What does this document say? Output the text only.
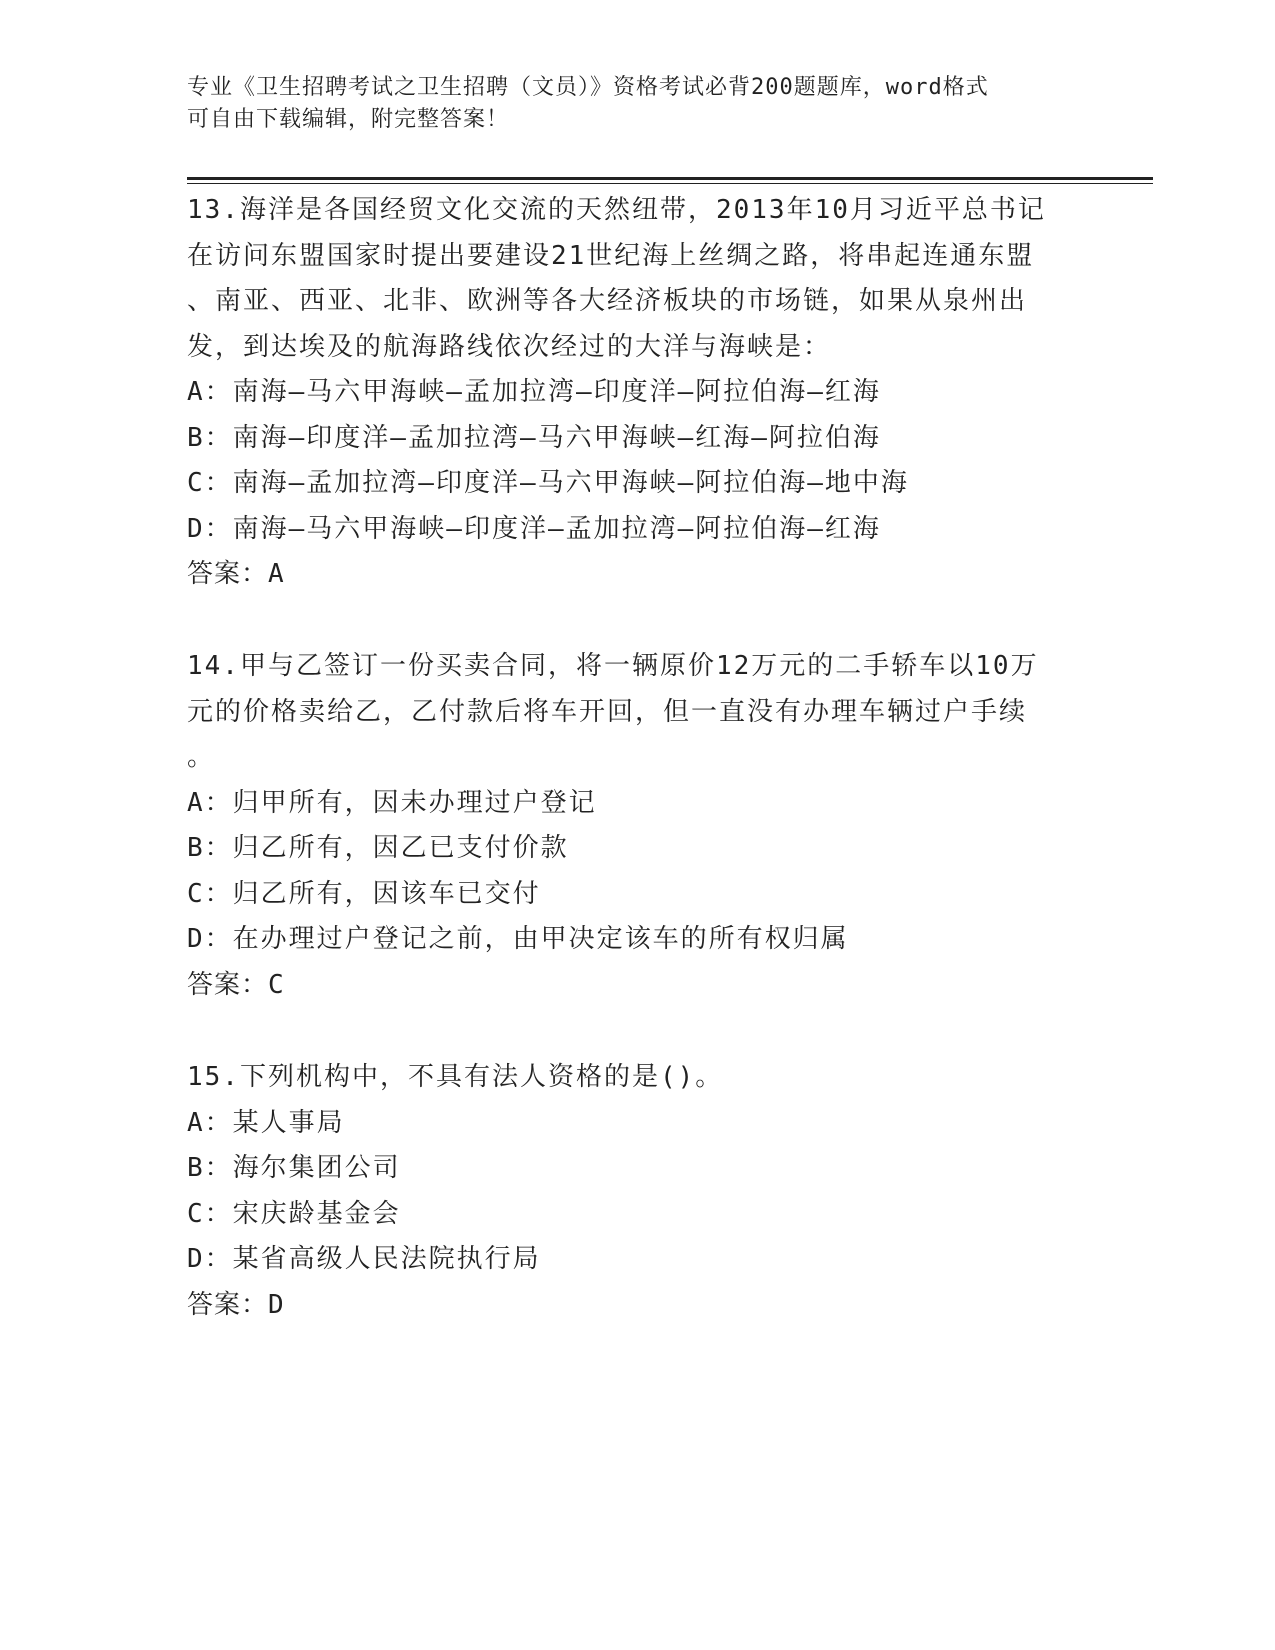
专业《卫生招聘考试之卫生招聘（文员）》资格考试必背200题题库，word格式
可自由下载编辑，附完整答案！
13.海洋是各国经贸文化交流的天然纽带，2013年10月习近平总书记
在访问东盟国家时提出要建设21世纪海上丝绸之路，将串起连通东盟
、南亚、西亚、北非、欧洲等各大经济板块的市场链，如果从泉州出
发，到达埃及的航海路线依次经过的大洋与海峡是：
A：南海—马六甲海峡—孟加拉湾—印度洋—阿拉伯海—红海
B：南海—印度洋—孟加拉湾—马六甲海峡—红海—阿拉伯海
C：南海—孟加拉湾—印度洋—马六甲海峡—阿拉伯海—地中海
D：南海—马六甲海峡—印度洋—孟加拉湾—阿拉伯海—红海
答案：A
14.甲与乙签订一份买卖合同，将一辆原价12万元的二手轿车以10万
元的价格卖给乙，乙付款后将车开回，但一直没有办理车辆过户手续
。
A：归甲所有，因未办理过户登记
B：归乙所有，因乙已支付价款
C：归乙所有，因该车已交付
D：在办理过户登记之前，由甲决定该车的所有权归属
答案：C
15.下列机构中，不具有法人资格的是()。
A：某人事局
B：海尔集团公司
C：宋庆龄基金会
D：某省高级人民法院执行局
答案：D
